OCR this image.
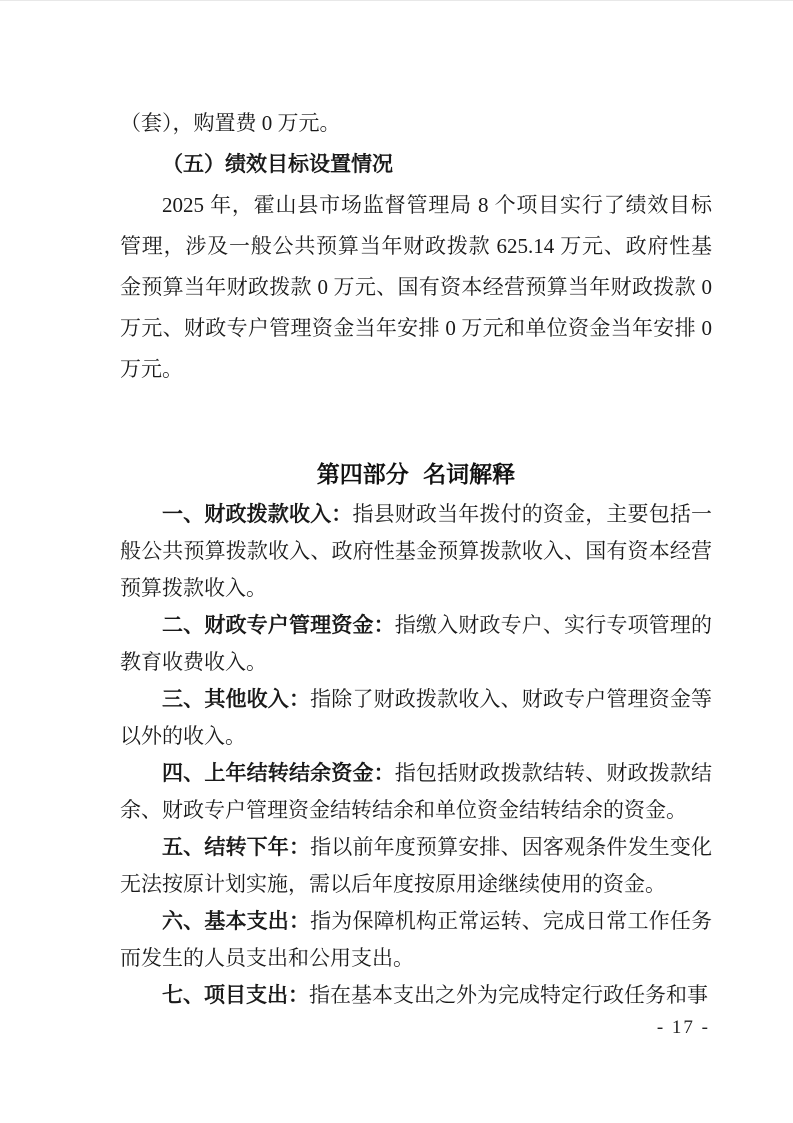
（套），购置费 0 万元。

（五）绩效目标设置情况

2025 年，霍山县市场监督管理局 8 个项目实行了绩效目标管理，涉及一般公共预算当年财政拨款 625.14 万元、政府性基金预算当年财政拨款 0 万元、国有资本经营预算当年财政拨款 0 万元、财政专户管理资金当年安排 0 万元和单位资金当年安排 0 万元。

第四部分 名词解释

一、财政拨款收入：指县财政当年拨付的资金，主要包括一般公共预算拨款收入、政府性基金预算拨款收入、国有资本经营预算拨款收入。

二、财政专户管理资金：指缴入财政专户、实行专项管理的教育收费收入。

三、其他收入：指除了财政拨款收入、财政专户管理资金等以外的收入。

四、上年结转结余资金：指包括财政拨款结转、财政拨款结余、财政专户管理资金结转结余和单位资金结转结余的资金。

五、结转下年：指以前年度预算安排、因客观条件发生变化无法按原计划实施，需以后年度按原用途继续使用的资金。

六、基本支出：指为保障机构正常运转、完成日常工作任务而发生的人员支出和公用支出。

七、项目支出：指在基本支出之外为完成特定行政任务和事

- 17 -
